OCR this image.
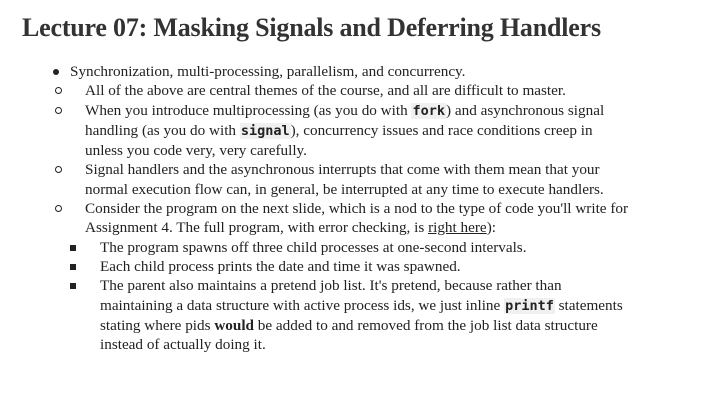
Lecture 07: Masking Signals and Deferring Handlers
Synchronization, multi-processing, parallelism, and concurrency.
All of the above are central themes of the course, and all are difficult to master.
When you introduce multiprocessing (as you do with fork) and asynchronous signal
handling (as you do with signal), concurrency issues and race conditions creep in
unless you code very, very carefully.
Signal handlers and the asynchronous interrupts that come with them mean that your
normal execution flow can, in general, be interrupted at any time to execute handlers.
Consider the program on the next slide, which is a nod to the type of code you'll write for
Assignment 4. The full program, with error checking, is right here):
The program spawns off three child processes at one-second intervals.
Each child process prints the date and time it was spawned.
The parent also maintains a pretend job list. It's pretend, because rather than
maintaining a data structure with active process ids, we just inline printf statements
stating where pids would be added to and removed from the job list data structure
instead of actually doing it.
